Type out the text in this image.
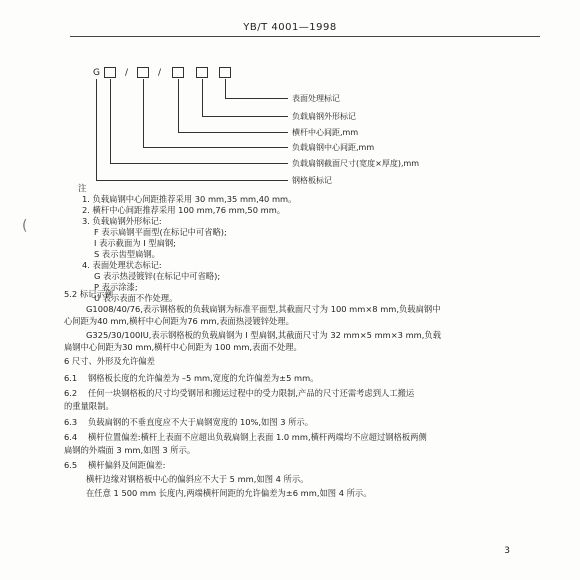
YB/T 4001—1998
G	/	/
表面处理标记
负载扁钢外形标记
横杆中心间距,mm
负载扁钢中心间距,mm
负载扁钢截面尺寸(宽度×厚度),mm
钢格板标记
注
1. 负载扁钢中心间距推荐采用 30 mm,35 mm,40 mm。
2. 横杆中心间距推荐采用 100 mm,76 mm,50 mm。
3. 负载扁钢外形标记:
F 表示扁钢平面型(在标记中可省略);
I 表示截面为 I 型扁钢;
S 表示齿型扁钢。
4. 表面处理状态标记:
G 表示热浸镀锌(在标记中可省略);
P 表示涂漆;
U 表示表面不作处理。
(
5.2 标记示例
G1008/40/76,表示钢格板的负载扁钢为标准平面型,其截面尺寸为 100 mm×8 mm,负载扁钢中
心间距为40 mm,横杆中心间距为76 mm,表面热浸镀锌处理。
G325/30/100IU,表示钢格板的负载扁钢为 I 型扁钢,其截面尺寸为 32 mm×5 mm×3 mm,负载
扁钢中心间距为30 mm,横杆中心间距为 100 mm,表面不处理。
6 尺寸、外形及允许偏差
6.1 钢格板长度的允许偏差为 –5 mm,宽度的允许偏差为±5 mm。
6.2 任何一块钢格板的尺寸均受钢吊和搬运过程中的受力限制,产品的尺寸还需考虑到人工搬运
的重量限制。
6.3 负载扁钢的不垂直度应不大于扁钢宽度的 10%,如图 3 所示。
6.4 横杆位置偏差:横杆上表面不应超出负载扁钢上表面 1.0 mm,横杆两端均不应超过钢格板两侧
扁钢的外端面 3 mm,如图 3 所示。
6.5 横杆偏斜及间距偏差:
横杆边缘对钢格板中心的偏斜应不大于 5 mm,如图 4 所示。
在任意 1 500 mm 长度内,两端横杆间距的允许偏差为±6 mm,如图 4 所示。
3
